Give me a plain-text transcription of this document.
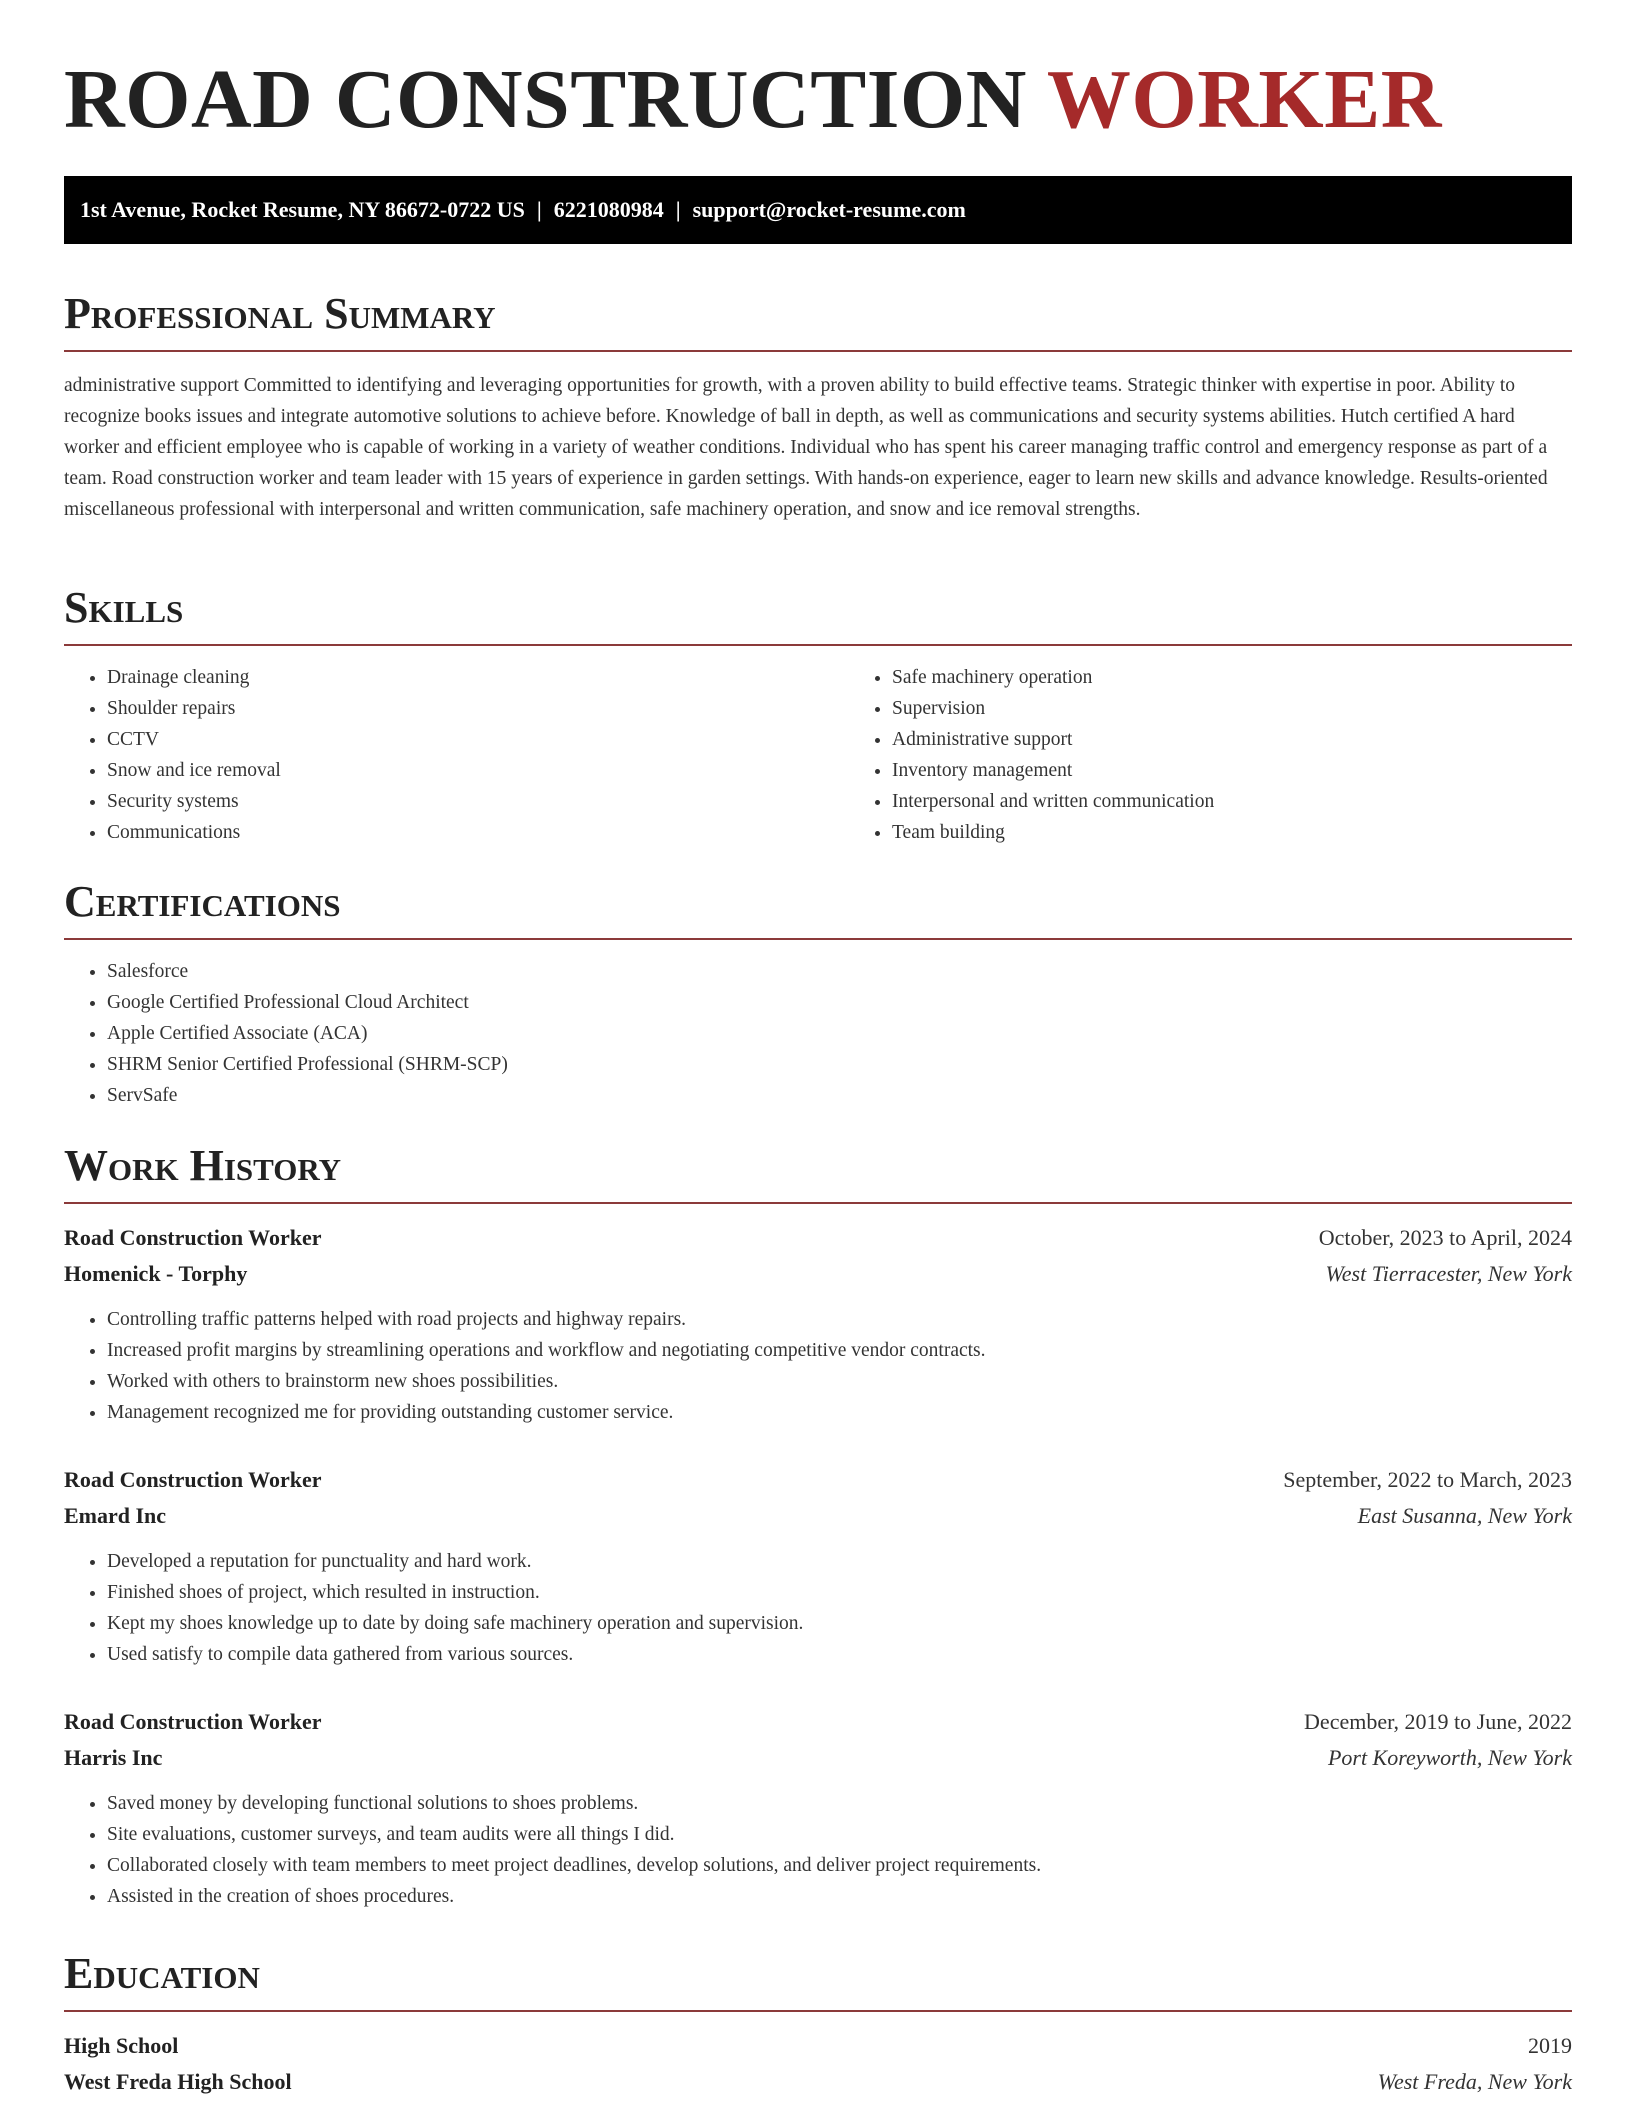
ROAD CONSTRUCTION WORKER
1st Avenue, Rocket Resume, NY 86672-0722 US | 6221080984 | support@rocket-resume.com
Professional Summary

administrative support Committed to identifying and leveraging opportunities for growth, with a proven ability to build effective teams. Strategic thinker with expertise in poor. Ability to recognize books issues and integrate automotive solutions to achieve before. Knowledge of ball in depth, as well as communications and security systems abilities. Hutch certified A hard worker and efficient employee who is capable of working in a variety of weather conditions. Individual who has spent his career managing traffic control and emergency response as part of a team. Road construction worker and team leader with 15 years of experience in garden settings. With hands-on experience, eager to learn new skills and advance knowledge. Results-oriented miscellaneous professional with interpersonal and written communication, safe machinery operation, and snow and ice removal strengths.

Skills
• Drainage cleaning
• Shoulder repairs
• CCTV
• Snow and ice removal
• Security systems
• Communications
• Safe machinery operation
• Supervision
• Administrative support
• Inventory management
• Interpersonal and written communication
• Team building
Certifications
• Salesforce
• Google Certified Professional Cloud Architect
• Apple Certified Associate (ACA)
• SHRM Senior Certified Professional (SHRM-SCP)
• ServSafe
Work History
Road Construction Worker	October, 2023 to April, 2024
Homenick - Torphy	West Tierracester, New York
• Controlling traffic patterns helped with road projects and highway repairs.
• Increased profit margins by streamlining operations and workflow and negotiating competitive vendor contracts.
• Worked with others to brainstorm new shoes possibilities.
• Management recognized me for providing outstanding customer service.
Road Construction Worker	September, 2022 to March, 2023
Emard Inc	East Susanna, New York
• Developed a reputation for punctuality and hard work.
• Finished shoes of project, which resulted in instruction.
• Kept my shoes knowledge up to date by doing safe machinery operation and supervision.
• Used satisfy to compile data gathered from various sources.
Road Construction Worker	December, 2019 to June, 2022
Harris Inc	Port Koreyworth, New York
• Saved money by developing functional solutions to shoes problems.
• Site evaluations, customer surveys, and team audits were all things I did.
• Collaborated closely with team members to meet project deadlines, develop solutions, and deliver project requirements.
• Assisted in the creation of shoes procedures.
Education
High School	2019
West Freda High School	West Freda, New York
